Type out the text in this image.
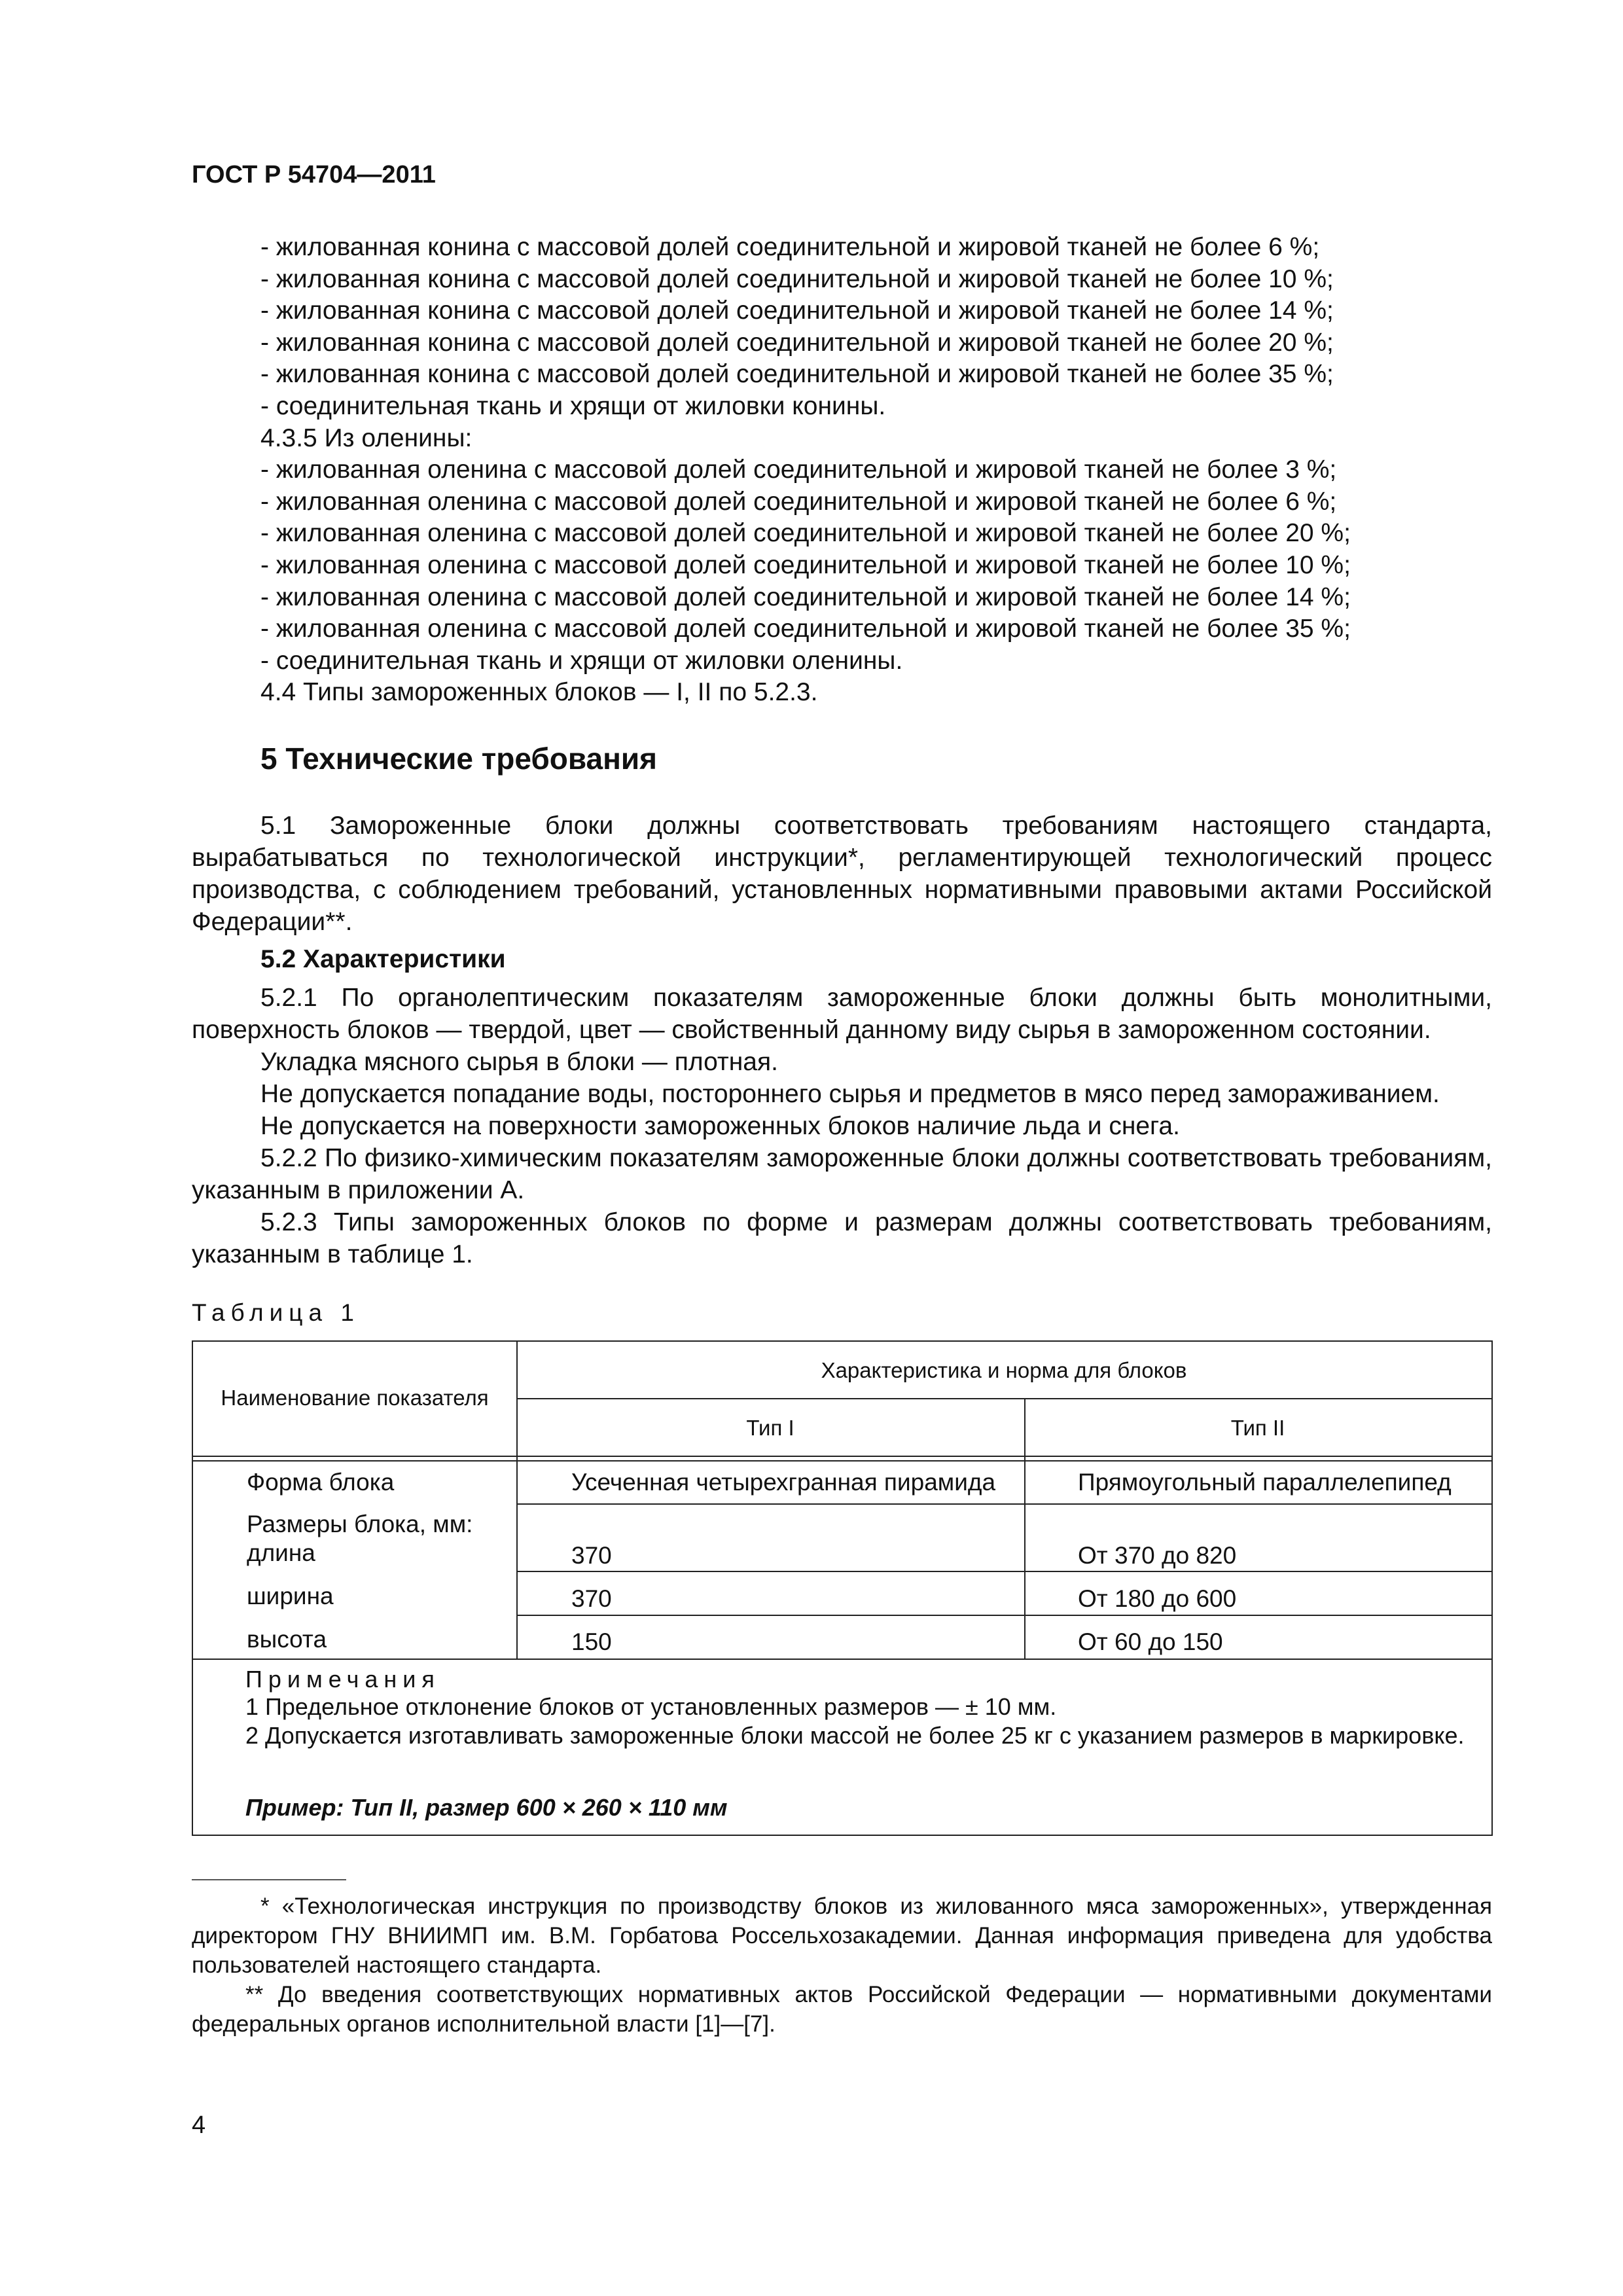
ГОСТ Р 54704—2011
- жилованная конина с массовой долей соединительной и жировой тканей не более 6 %;
- жилованная конина с массовой долей соединительной и жировой тканей не более 10 %;
- жилованная конина с массовой долей соединительной и жировой тканей не более 14 %;
- жилованная конина с массовой долей соединительной и жировой тканей не более 20 %;
- жилованная конина с массовой долей соединительной и жировой тканей не более 35 %;
- соединительная ткань и хрящи от жиловки конины.
4.3.5 Из оленины:
- жилованная оленина с массовой долей соединительной и жировой тканей не более 3 %;
- жилованная оленина с массовой долей соединительной и жировой тканей не более 6 %;
- жилованная оленина с массовой долей соединительной и жировой тканей не более 20 %;
- жилованная оленина с массовой долей соединительной и жировой тканей не более 10 %;
- жилованная оленина с массовой долей соединительной и жировой тканей не более 14 %;
- жилованная оленина с массовой долей соединительной и жировой тканей не более 35 %;
- соединительная ткань и хрящи от жиловки оленины.
4.4 Типы замороженных блоков — I, II по 5.2.3.
5 Технические требования
5.1 Замороженные блоки должны соответствовать требованиям настоящего стандарта, вырабатываться по технологической инструкции*, регламентирующей технологический процесс производства, с соблюдением требований, установленных нормативными правовыми актами Российской Федерации**.
5.2 Характеристики
5.2.1 По органолептическим показателям замороженные блоки должны быть монолитными, поверхность блоков — твердой, цвет — свойственный данному виду сырья в замороженном состоянии.
Укладка мясного сырья в блоки — плотная.
Не допускается попадание воды, постороннего сырья и предметов в мясо перед замораживанием.
Не допускается на поверхности замороженных блоков наличие льда и снега.
5.2.2 По физико-химическим показателям замороженные блоки должны соответствовать требованиям, указанным в приложении А.
5.2.3 Типы замороженных блоков по форме и размерам должны соответствовать требованиям, указанным в таблице 1.
Таблица 1
Наименование показателя
Характеристика и норма для блоков
Тип I	Тип II
Форма блока	Усеченная четырехгранная пирамида	Прямоугольный параллелепипед
Размеры блока, мм:
длина	370	От 370 до 820
ширина	370	От 180 до 600
высота	150	От 60 до 150
Примечания
1 Предельное отклонение блоков от установленных размеров — ± 10 мм.
2 Допускается изготавливать замороженные блоки массой не более 25 кг с указанием размеров в маркировке.
Пример: Тип II, размер 600 × 260 × 110 мм
* «Технологическая инструкция по производству блоков из жилованного мяса замороженных», утвержденная директором ГНУ ВНИИМП им. В.М. Горбатова Россельхозакадемии. Данная информация приведена для удобства пользователей настоящего стандарта.
** До введения соответствующих нормативных актов Российской Федерации — нормативными документами федеральных органов исполнительной власти [1]—[7].
4
